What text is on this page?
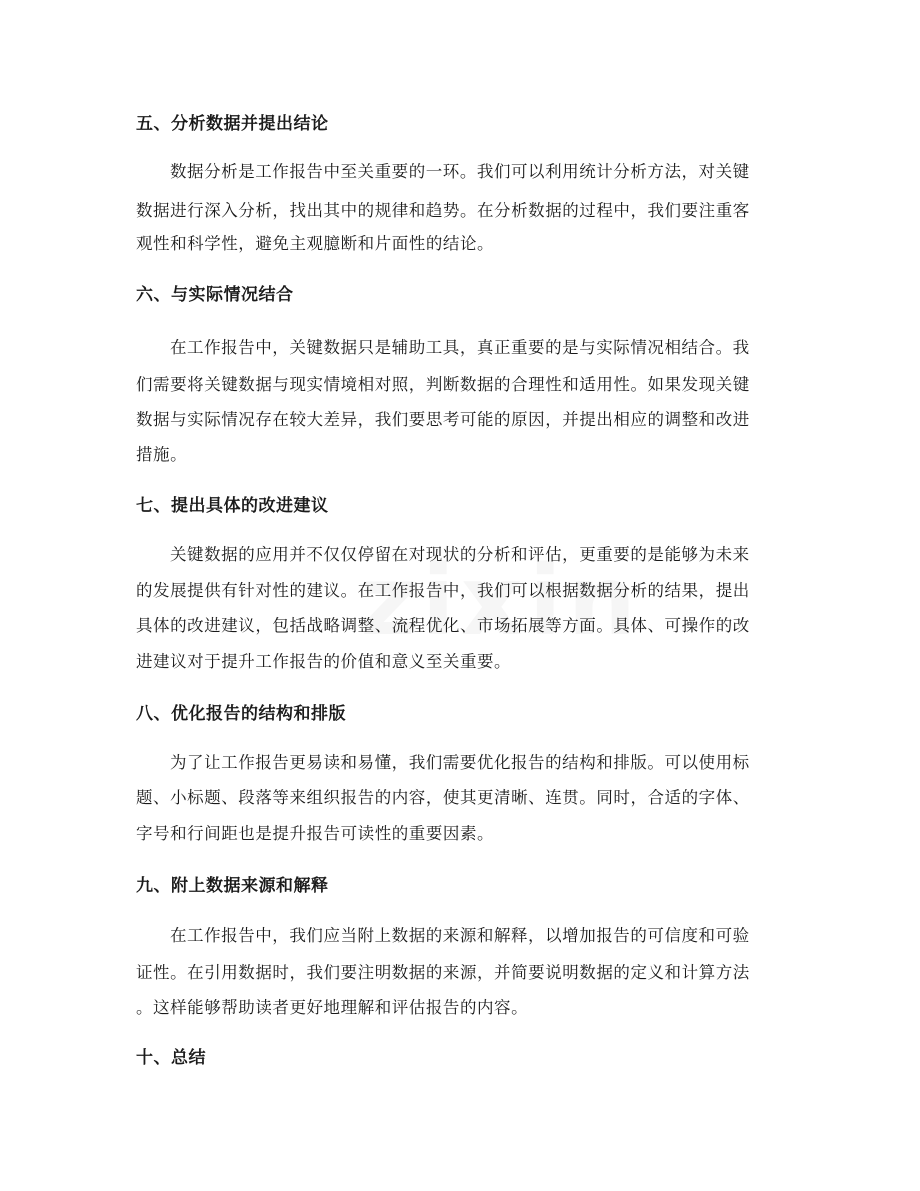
五、分析数据并提出结论

数据分析是工作报告中至关重要的一环。我们可以利用统计分析方法，对关键

数据进行深入分析，找出其中的规律和趋势。在分析数据的过程中，我们要注重客

观性和科学性，避免主观臆断和片面性的结论。

六、与实际情况结合

在工作报告中，关键数据只是辅助工具，真正重要的是与实际情况相结合。我

们需要将关键数据与现实情境相对照，判断数据的合理性和适用性。如果发现关键

数据与实际情况存在较大差异，我们要思考可能的原因，并提出相应的调整和改进

措施。

七、提出具体的改进建议

关键数据的应用并不仅仅停留在对现状的分析和评估，更重要的是能够为未来

的发展提供有针对性的建议。在工作报告中，我们可以根据数据分析的结果，提出

具体的改进建议，包括战略调整、流程优化、市场拓展等方面。具体、可操作的改

进建议对于提升工作报告的价值和意义至关重要。

八、优化报告的结构和排版

为了让工作报告更易读和易懂，我们需要优化报告的结构和排版。可以使用标

题、小标题、段落等来组织报告的内容，使其更清晰、连贯。同时，合适的字体、

字号和行间距也是提升报告可读性的重要因素。

九、附上数据来源和解释

在工作报告中，我们应当附上数据的来源和解释，以增加报告的可信度和可验

证性。在引用数据时，我们要注明数据的来源，并简要说明数据的定义和计算方法

。这样能够帮助读者更好地理解和评估报告的内容。

十、总结
